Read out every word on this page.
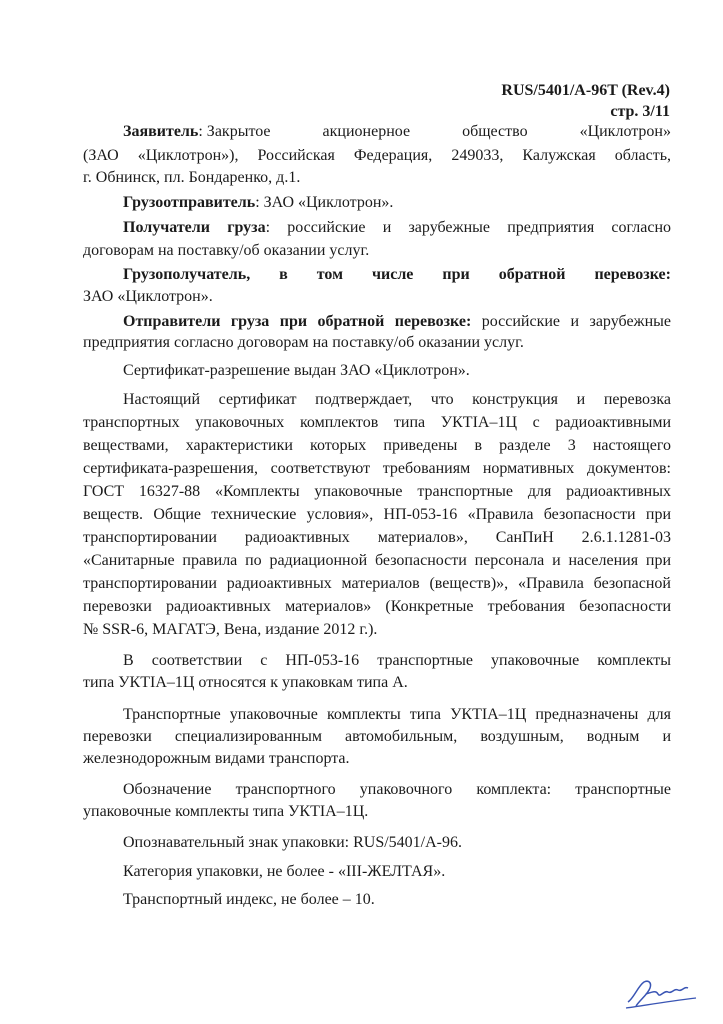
RUS/5401/A-96T (Rev.4)
стр. 3/11
Заявитель: Закрытое	акционерное	общество	«Циклотрон»
(ЗАО «Циклотрон»), Российская Федерация, 249033, Калужская область,
г. Обнинск, пл. Бондаренко, д.1.
Грузоотправитель: ЗАО «Циклотрон».
Получатели груза: российские и зарубежные предприятия согласно
договорам на поставку/об оказании услуг.
Грузополучатель, в том числе при обратной перевозке:
ЗАО «Циклотрон».
Отправители груза при обратной перевозке: российские и зарубежные
предприятия согласно договорам на поставку/об оказании услуг.
Сертификат-разрешение выдан ЗАО «Циклотрон».
Настоящий сертификат подтверждает, что конструкция и перевозка
транспортных упаковочных комплектов типа УКТIА–1Ц с радиоактивными
веществами, характеристики которых приведены в разделе 3 настоящего
сертификата-разрешения, соответствуют требованиям нормативных документов:
ГОСТ 16327-88 «Комплекты упаковочные транспортные для радиоактивных
веществ. Общие технические условия», НП-053-16 «Правила безопасности при
транспортировании радиоактивных материалов», СанПиН 2.6.1.1281-03
«Санитарные правила по радиационной безопасности персонала и населения при
транспортировании радиоактивных материалов (веществ)», «Правила безопасной
перевозки радиоактивных материалов» (Конкретные требования безопасности
№ SSR-6, МАГАТЭ, Вена, издание 2012 г.).
В соответствии с НП-053-16 транспортные упаковочные комплекты
типа УКТIА–1Ц относятся к упаковкам типа А.
Транспортные упаковочные комплекты типа УКТIА–1Ц предназначены для
перевозки специализированным автомобильным, воздушным, водным и
железнодорожным видами транспорта.
Обозначение транспортного упаковочного комплекта: транспортные
упаковочные комплекты типа УКТIА–1Ц.
Опознавательный знак упаковки: RUS/5401/A-96.
Категория упаковки, не более - «III-ЖЕЛТАЯ».
Транспортный индекс, не более – 10.
